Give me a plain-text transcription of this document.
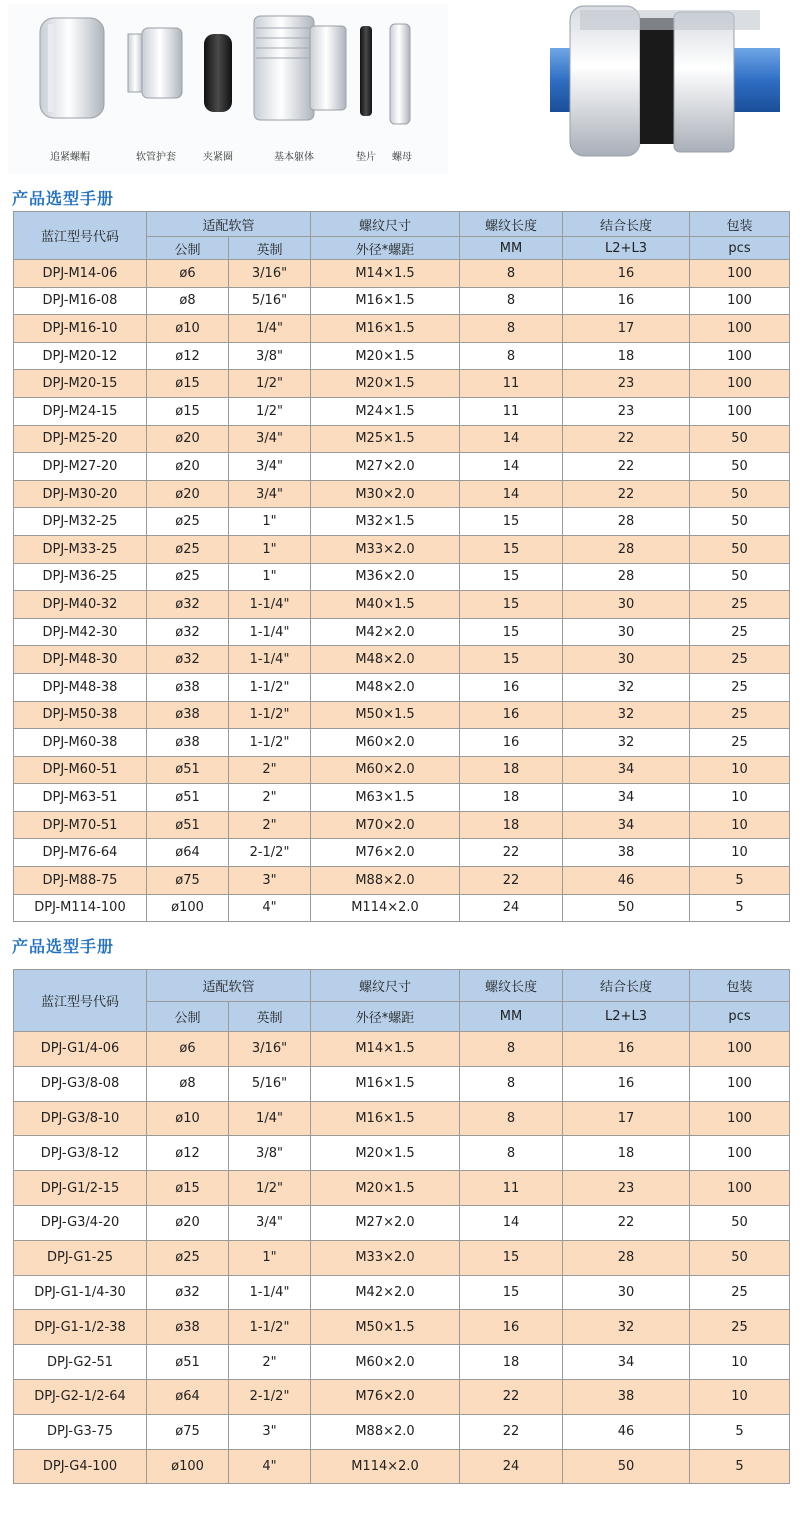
追紧螺帽	软管护套	夹紧圈	基本躯体	垫片 螺母
产品选型手册
蓝江型号代码	适配软管		螺纹尺寸	螺纹长度	结合长度	包装
	公制	英制	外径*螺距	MM	L2+L3	pcs
DPJ-M14-06	ø6	3/16"	M14×1.5	8	16	100
DPJ-M16-08	ø8	5/16"	M16×1.5	8	16	100
DPJ-M16-10	ø10	1/4"	M16×1.5	8	17	100
DPJ-M20-12	ø12	3/8"	M20×1.5	8	18	100
DPJ-M20-15	ø15	1/2"	M20×1.5	11	23	100
DPJ-M24-15	ø15	1/2"	M24×1.5	11	23	100
DPJ-M25-20	ø20	3/4"	M25×1.5	14	22	50
DPJ-M27-20	ø20	3/4"	M27×2.0	14	22	50
DPJ-M30-20	ø20	3/4"	M30×2.0	14	22	50
DPJ-M32-25	ø25	1"	M32×1.5	15	28	50
DPJ-M33-25	ø25	1"	M33×2.0	15	28	50
DPJ-M36-25	ø25	1"	M36×2.0	15	28	50
DPJ-M40-32	ø32	1-1/4"	M40×1.5	15	30	25
DPJ-M42-30	ø32	1-1/4"	M42×2.0	15	30	25
DPJ-M48-30	ø32	1-1/4"	M48×2.0	15	30	25
DPJ-M48-38	ø38	1-1/2"	M48×2.0	16	32	25
DPJ-M50-38	ø38	1-1/2"	M50×1.5	16	32	25
DPJ-M60-38	ø38	1-1/2"	M60×2.0	16	32	25
DPJ-M60-51	ø51	2"	M60×2.0	18	34	10
DPJ-M63-51	ø51	2"	M63×1.5	18	34	10
DPJ-M70-51	ø51	2"	M70×2.0	18	34	10
DPJ-M76-64	ø64	2-1/2"	M76×2.0	22	38	10
DPJ-M88-75	ø75	3"	M88×2.0	22	46	5
DPJ-M114-100	ø100	4"	M114×2.0	24	50	5
产品选型手册
蓝江型号代码	适配软管		螺纹尺寸	螺纹长度	结合长度	包装
	公制	英制	外径*螺距	MM	L2+L3	pcs
DPJ-G1/4-06	ø6	3/16"	M14×1.5	8	16	100
DPJ-G3/8-08	ø8	5/16"	M16×1.5	8	16	100
DPJ-G3/8-10	ø10	1/4"	M16×1.5	8	17	100
DPJ-G3/8-12	ø12	3/8"	M20×1.5	8	18	100
DPJ-G1/2-15	ø15	1/2"	M20×1.5	11	23	100
DPJ-G3/4-20	ø20	3/4"	M27×2.0	14	22	50
DPJ-G1-25	ø25	1"	M33×2.0	15	28	50
DPJ-G1-1/4-30	ø32	1-1/4"	M42×2.0	15	30	25
DPJ-G1-1/2-38	ø38	1-1/2"	M50×1.5	16	32	25
DPJ-G2-51	ø51	2"	M60×2.0	18	34	10
DPJ-G2-1/2-64	ø64	2-1/2"	M76×2.0	22	38	10
DPJ-G3-75	ø75	3"	M88×2.0	22	46	5
DPJ-G4-100	ø100	4"	M114×2.0	24	50	5
